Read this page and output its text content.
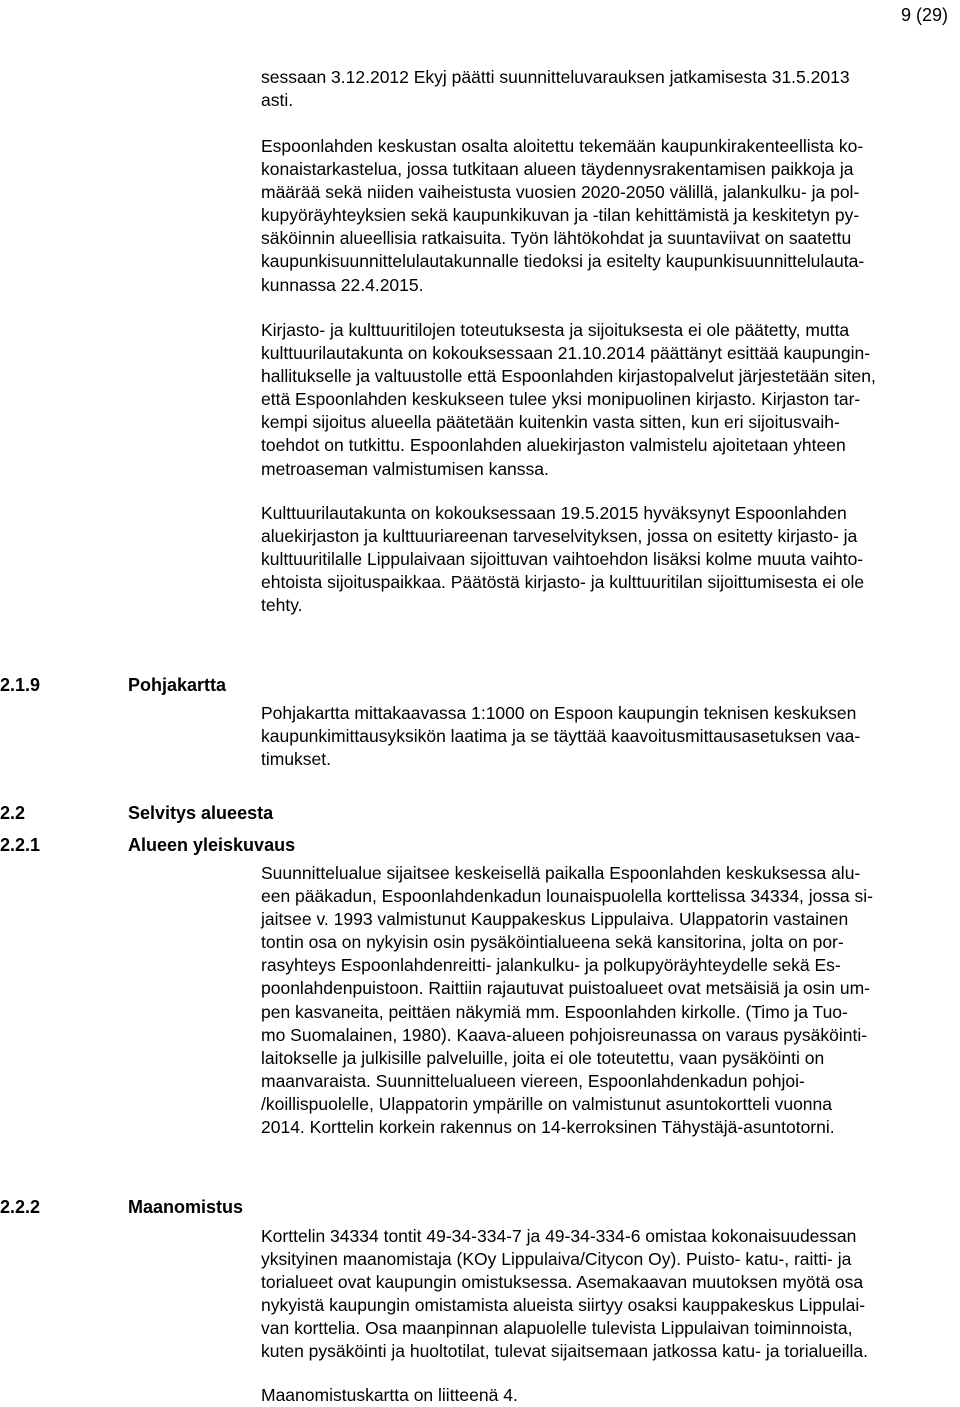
9 (29)
sessaan 3.12.2012 Ekyj päätti suunnitteluvarauksen jatkamisesta 31.5.2013
asti.
Espoonlahden keskustan osalta aloitettu tekemään kaupunkirakenteellista ko-
konaistarkastelua, jossa tutkitaan alueen täydennysrakentamisen paikkoja ja
määrää sekä niiden vaiheistusta vuosien 2020-2050 välillä, jalankulku- ja pol-
kupyöräyhteyksien sekä kaupunkikuvan ja -tilan kehittämistä ja keskitetyn py-
säköinnin alueellisia ratkaisuita. Työn lähtökohdat ja suuntaviivat on saatettu
kaupunkisuunnittelulautakunnalle tiedoksi ja esitelty kaupunkisuunnittelulauta-
kunnassa 22.4.2015.
Kirjasto- ja kulttuuritilojen toteutuksesta ja sijoituksesta ei ole päätetty, mutta
kulttuurilautakunta on kokouksessaan 21.10.2014 päättänyt esittää kaupungin-
hallitukselle ja valtuustolle että Espoonlahden kirjastopalvelut järjestetään siten,
että Espoonlahden keskukseen tulee yksi monipuolinen kirjasto. Kirjaston tar-
kempi sijoitus alueella päätetään kuitenkin vasta sitten, kun eri sijoitusvaih-
toehdot on tutkittu. Espoonlahden aluekirjaston valmistelu ajoitetaan yhteen
metroaseman valmistumisen kanssa.
Kulttuurilautakunta on kokouksessaan 19.5.2015 hyväksynyt Espoonlahden
aluekirjaston ja kulttuuriareenan tarveselvityksen, jossa on esitetty kirjasto- ja
kulttuuritilalle Lippulaivaan sijoittuvan vaihtoehdon lisäksi kolme muuta vaihto-
ehtoista sijoituspaikkaa. Päätöstä kirjasto- ja kulttuuritilan sijoittumisesta ei ole
tehty.
2.1.9	Pohjakartta
Pohjakartta mittakaavassa 1:1000 on Espoon kaupungin teknisen keskuksen
kaupunkimittausyksikön laatima ja se täyttää kaavoitusmittausasetuksen vaa-
timukset.
2.2	Selvitys alueesta
2.2.1	Alueen yleiskuvaus
Suunnittelualue sijaitsee keskeisellä paikalla Espoonlahden keskuksessa alu-
een pääkadun, Espoonlahdenkadun lounaispuolella korttelissa 34334, jossa si-
jaitsee v. 1993 valmistunut Kauppakeskus Lippulaiva. Ulappatorin vastainen
tontin osa on nykyisin osin pysäköintialueena sekä kansitorina, jolta on por-
rasyhteys Espoonlahdenreitti- jalankulku- ja polkupyöräyhteydelle sekä Es-
poonlahdenpuistoon. Raittiin rajautuvat puistoalueet ovat metsäisiä ja osin um-
pen kasvaneita, peittäen näkymiä mm. Espoonlahden kirkolle. (Timo ja Tuo-
mo Suomalainen, 1980). Kaava-alueen pohjoisreunassa on varaus pysäköinti-
laitokselle ja julkisille palveluille, joita ei ole toteutettu, vaan pysäköinti on
maanvaraista. Suunnittelualueen viereen, Espoonlahdenkadun pohjoi-
/koillispuolelle, Ulappatorin ympärille on valmistunut asuntokortteli vuonna
2014. Korttelin korkein rakennus on 14-kerroksinen Tähystäjä-asuntotorni.
2.2.2	Maanomistus
Korttelin 34334 tontit 49-34-334-7 ja 49-34-334-6 omistaa kokonaisuudessan
yksityinen maanomistaja (KOy Lippulaiva/Citycon Oy). Puisto- katu-, raitti- ja
torialueet ovat kaupungin omistuksessa. Asemakaavan muutoksen myötä osa
nykyistä kaupungin omistamista alueista siirtyy osaksi kauppakeskus Lippulai-
van korttelia. Osa maanpinnan alapuolelle tulevista Lippulaivan toiminnoista,
kuten pysäköinti ja huoltotilat, tulevat sijaitsemaan jatkossa katu- ja torialueilla.
Maanomistuskartta on liitteenä 4.
